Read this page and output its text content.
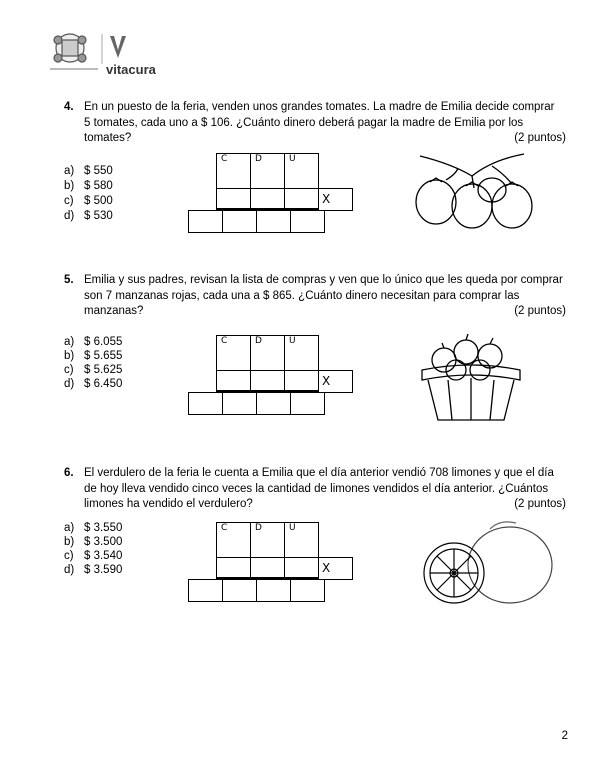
vitacura
4. En un puesto de la feria, venden unos grandes tomates. La madre de Emilia decide comprar
5 tomates, cada uno a $ 106. ¿Cuánto dinero deberá pagar la madre de Emilia por los
tomates?	(2 puntos)
a) $ 550
b) $ 580
c) $ 500
d) $ 530
C	D	U
X
5. Emilia y sus padres, revisan la lista de compras y ven que lo único que les queda por comprar
son 7 manzanas rojas, cada una a $ 865. ¿Cuánto dinero necesitan para comprar las
manzanas?	(2 puntos)
a) $ 6.055
b) $ 5.655
c) $ 5.625
d) $ 6.450
C	D	U
X
6. El verdulero de la feria le cuenta a Emilia que el día anterior vendió 708 limones y que el día
de hoy lleva vendido cinco veces la cantidad de limones vendidos el día anterior. ¿Cuántos
limones ha vendido el verdulero?	(2 puntos)
a) $ 3.550
b) $ 3.500
c) $ 3.540
d) $ 3.590
C	D	U
X
2
